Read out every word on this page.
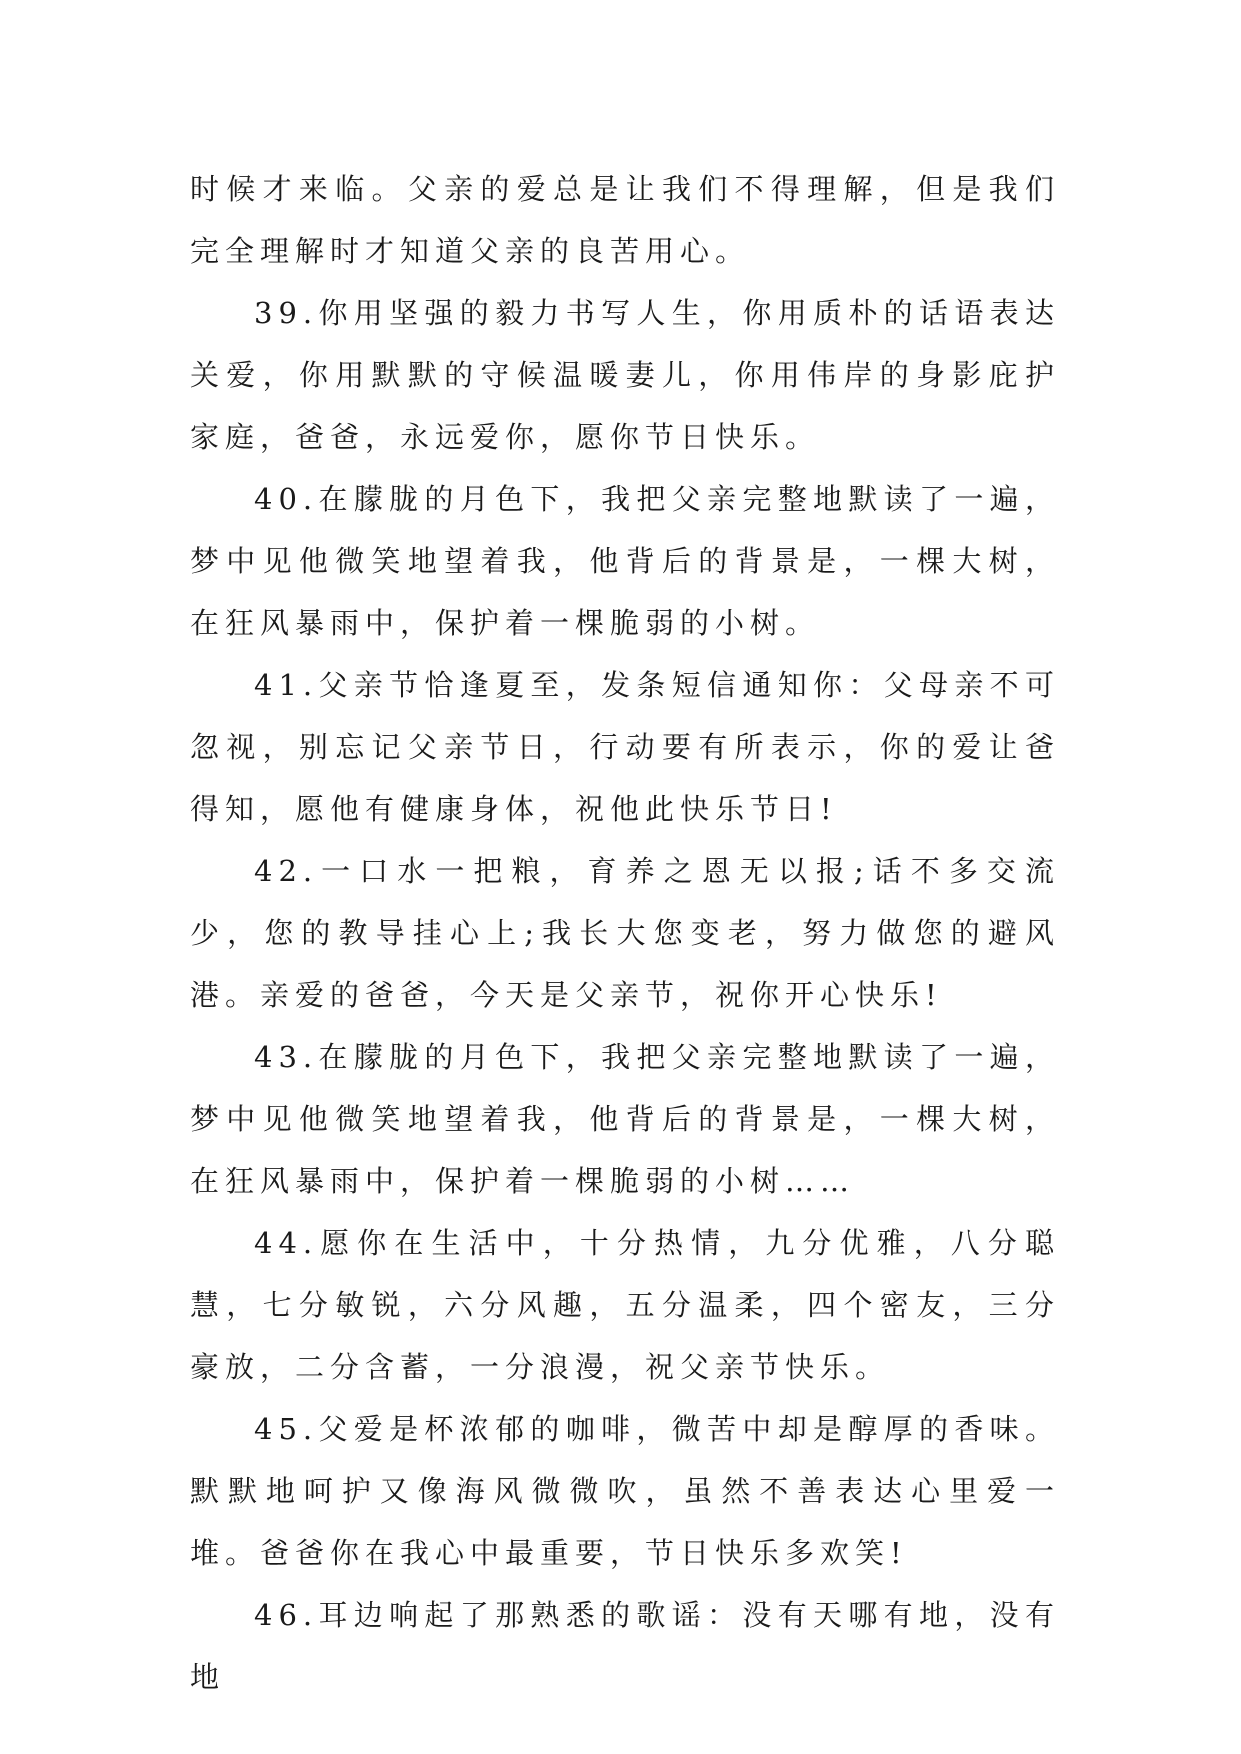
时候才来临。父亲的爱总是让我们不得理解，但是我们完全理解时才知道父亲的良苦用心。

39.你用坚强的毅力书写人生，你用质朴的话语表达关爱，你用默默的守候温暖妻儿，你用伟岸的身影庇护家庭，爸爸，永远爱你，愿你节日快乐。

40.在朦胧的月色下，我把父亲完整地默读了一遍，梦中见他微笑地望着我，他背后的背景是，一棵大树，在狂风暴雨中，保护着一棵脆弱的小树。

41.父亲节恰逢夏至，发条短信通知你：父母亲不可忽视，别忘记父亲节日，行动要有所表示，你的爱让爸得知，愿他有健康身体，祝他此快乐节日!

42.一口水一把粮，育养之恩无以报;话不多交流少，您的教导挂心上;我长大您变老，努力做您的避风港。亲爱的爸爸，今天是父亲节，祝你开心快乐!

43.在朦胧的月色下，我把父亲完整地默读了一遍，梦中见他微笑地望着我，他背后的背景是，一棵大树，在狂风暴雨中，保护着一棵脆弱的小树……

44.愿你在生活中，十分热情，九分优雅，八分聪慧，七分敏锐，六分风趣，五分温柔，四个密友，三分豪放，二分含蓄，一分浪漫，祝父亲节快乐。

45.父爱是杯浓郁的咖啡，微苦中却是醇厚的香味。默默地呵护又像海风微微吹，虽然不善表达心里爱一堆。爸爸你在我心中最重要，节日快乐多欢笑!

46.耳边响起了那熟悉的歌谣：没有天哪有地，没有地
